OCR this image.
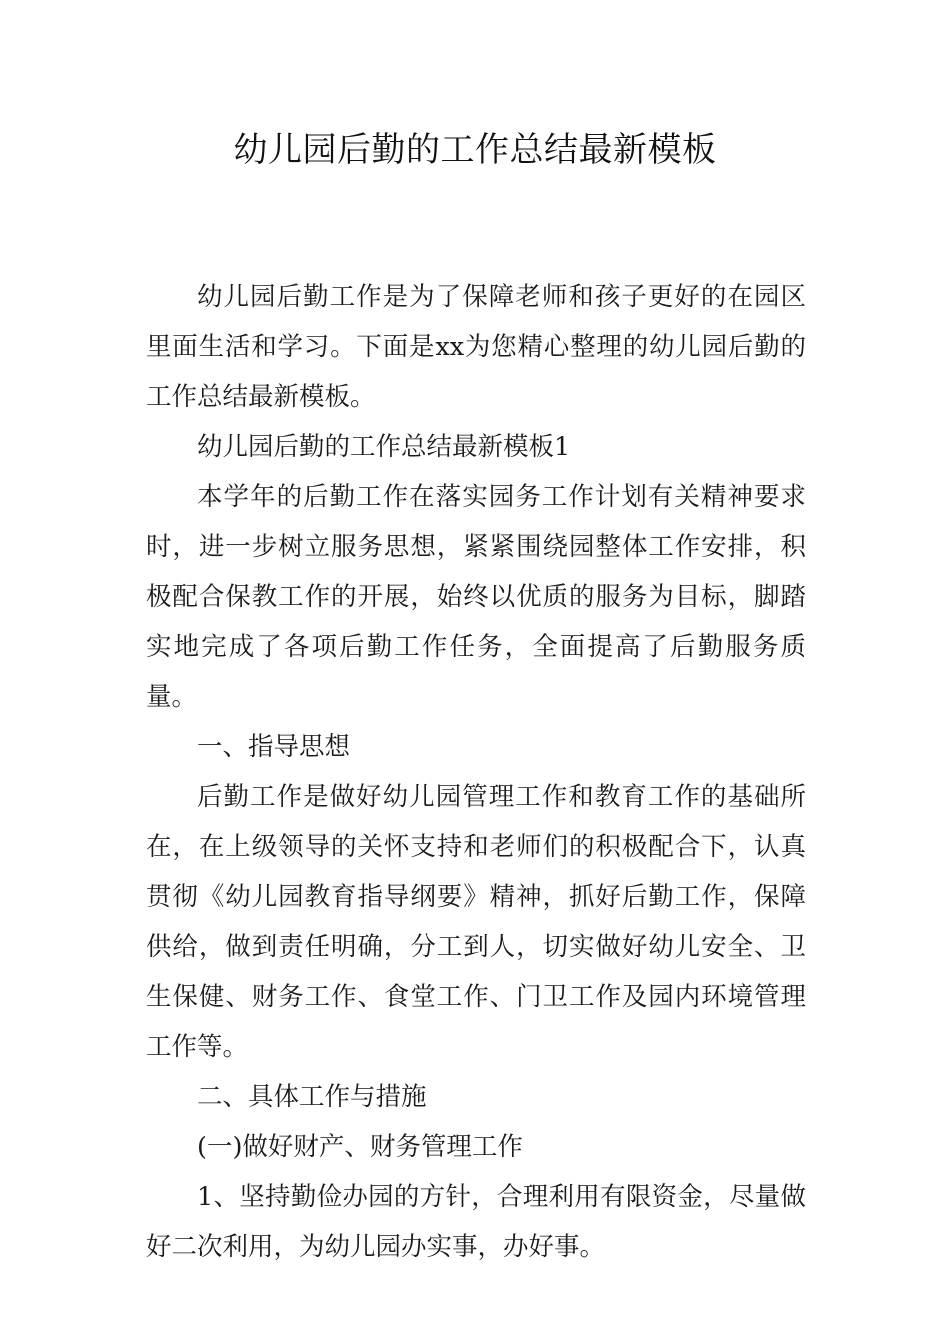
幼儿园后勤的工作总结最新模板

幼儿园后勤工作是为了保障老师和孩子更好的在园区里面生活和学习。下面是xx为您精心整理的幼儿园后勤的工作总结最新模板。

幼儿园后勤的工作总结最新模板1

本学年的后勤工作在落实园务工作计划有关精神要求时，进一步树立服务思想，紧紧围绕园整体工作安排，积极配合保教工作的开展，始终以优质的服务为目标，脚踏实地完成了各项后勤工作任务，全面提高了后勤服务质量。

一、指导思想

后勤工作是做好幼儿园管理工作和教育工作的基础所在，在上级领导的关怀支持和老师们的积极配合下，认真贯彻《幼儿园教育指导纲要》精神，抓好后勤工作，保障供给，做到责任明确，分工到人，切实做好幼儿安全、卫生保健、财务工作、食堂工作、门卫工作及园内环境管理工作等。

二、具体工作与措施

(一)做好财产、财务管理工作

1、坚持勤俭办园的方针，合理利用有限资金，尽量做好二次利用，为幼儿园办实事，办好事。
